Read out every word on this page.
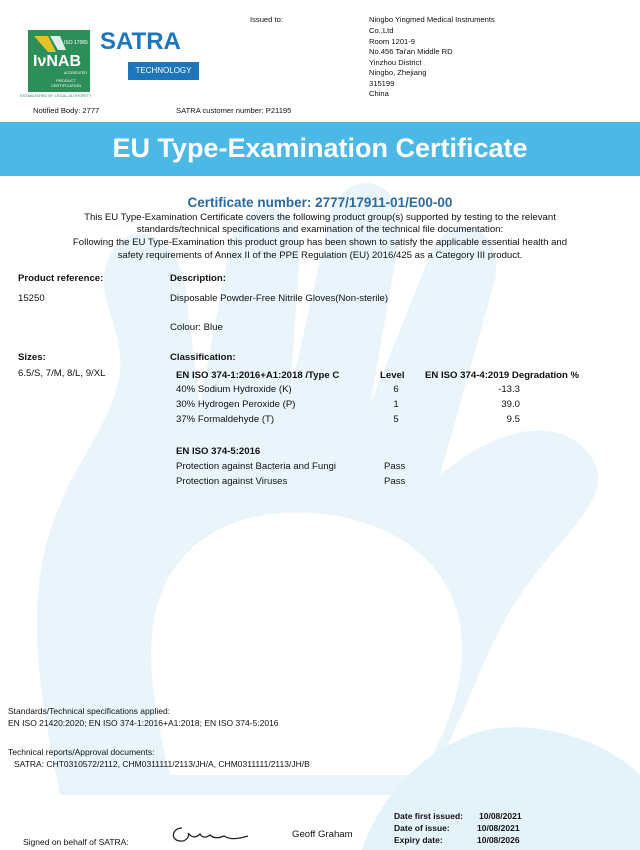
ISO 17065
IνNAB
ACCREDITED
PRODUCT CERTIFICATION
ESTABLISHED BY LEGAL AUTHORITY
SATRA
TECHNOLOGY
Issued to:	Ningbo Yingmed Medical Instruments
Co.,Ltd
Room 1201-9
No.456 Tai'an Middle RD
Yinzhou District
Ningbo, Zhejiang
315199
China
Notified Body: 2777	SATRA customer number: P21195
EU Type-Examination Certificate
Certificate number: 2777/17911-01/E00-00
This EU Type-Examination Certificate covers the following product group(s) supported by testing to the relevant
standards/technical specifications and examination of the technical file documentation:
Following the EU Type-Examination this product group has been shown to satisfy the applicable essential health and
safety requirements of Annex II of the PPE Regulation (EU) 2016/425 as a Category III product.
Product reference:
15250
Description:
Disposable Powder-Free Nitrile Gloves(Non-sterile)
Colour: Blue
Sizes:
6.5/S, 7/M, 8/L, 9/XL
Classification:
EN ISO 374-1:2016+A1:2018 /Type C	Level EN ISO 374-4:2019 Degradation %
40% Sodium Hydroxide (K)	6	-13.3
30% Hydrogen Peroxide (P)	1	39.0
37% Formaldehyde (T)	5	9.5
EN ISO 374-5:2016
Protection against Bacteria and Fungi	Pass
Protection against Viruses	Pass
Standards/Technical specifications applied:
EN ISO 21420:2020; EN ISO 374-1:2016+A1:2018; EN ISO 374-5:2016
Technical reports/Approval documents:
SATRA: CHT0310572/2112, CHM0311111/2113/JH/A, CHM0311111/2113/JH/B
Signed on behalf of SATRA:
Geoff Graham
Date first issued: 10/08/2021
Date of issue:	10/08/2021
Expiry date:	10/08/2026
